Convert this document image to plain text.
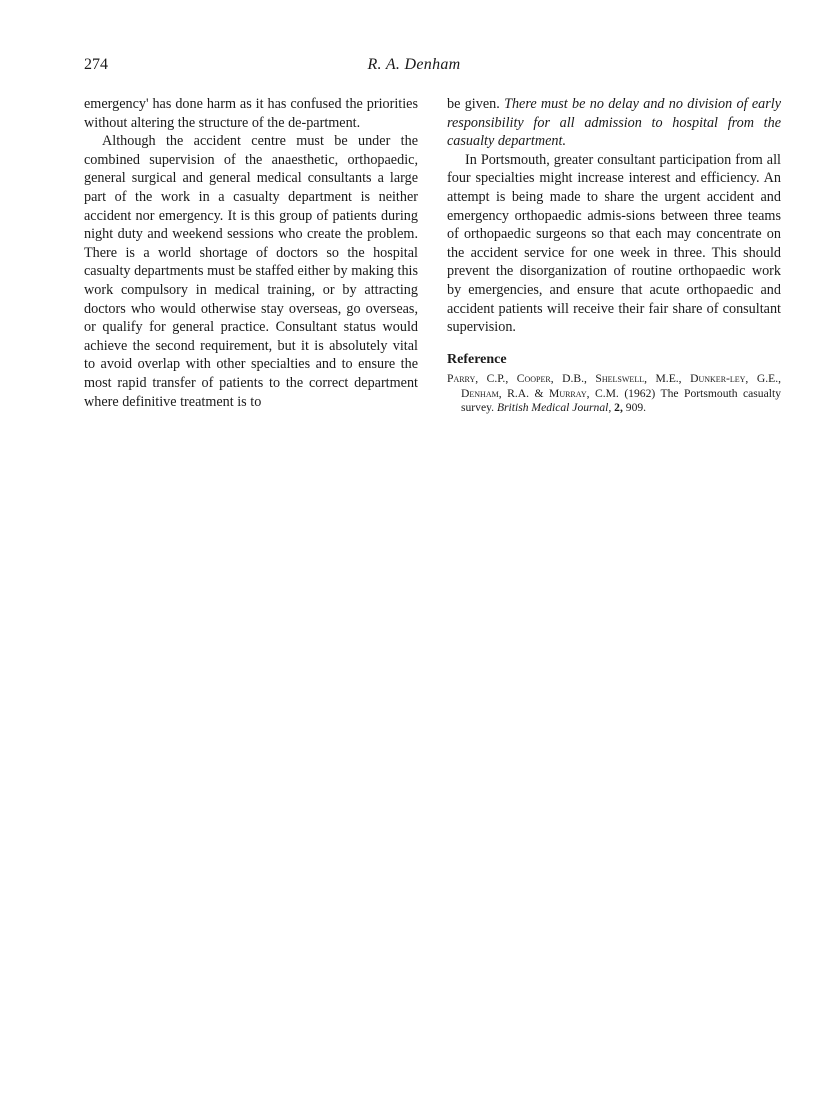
274	R. A. Denham

emergency' has done harm as it has confused the priorities without altering the structure of the de-partment.

Although the accident centre must be under the combined supervision of the anaesthetic, orthopaedic, general surgical and general medical consultants a large part of the work in a casualty department is neither accident nor emergency. It is this group of patients during night duty and weekend sessions who create the problem. There is a world shortage of doctors so the hospital casualty departments must be staffed either by making this work compulsory in medical training, or by attracting doctors who would otherwise stay overseas, go overseas, or qualify for general practice. Consultant status would achieve the second requirement, but it is absolutely vital to avoid overlap with other specialties and to ensure the most rapid transfer of patients to the correct department where definitive treatment is to

be given. There must be no delay and no division of early responsibility for all admission to hospital from the casualty department.

In Portsmouth, greater consultant participation from all four specialties might increase interest and efficiency. An attempt is being made to share the urgent accident and emergency orthopaedic admis-sions between three teams of orthopaedic surgeons so that each may concentrate on the accident service for one week in three. This should prevent the disorganization of routine orthopaedic work by emergencies, and ensure that acute orthopaedic and accident patients will receive their fair share of consultant supervision.

Reference

Parry, C.P., Cooper, D.B., Shelswell, M.E., Dunker-ley, G.E., Denham, R.A. & Murray, C.M. (1962) The Portsmouth casualty survey. British Medical Journal, 2, 909.
